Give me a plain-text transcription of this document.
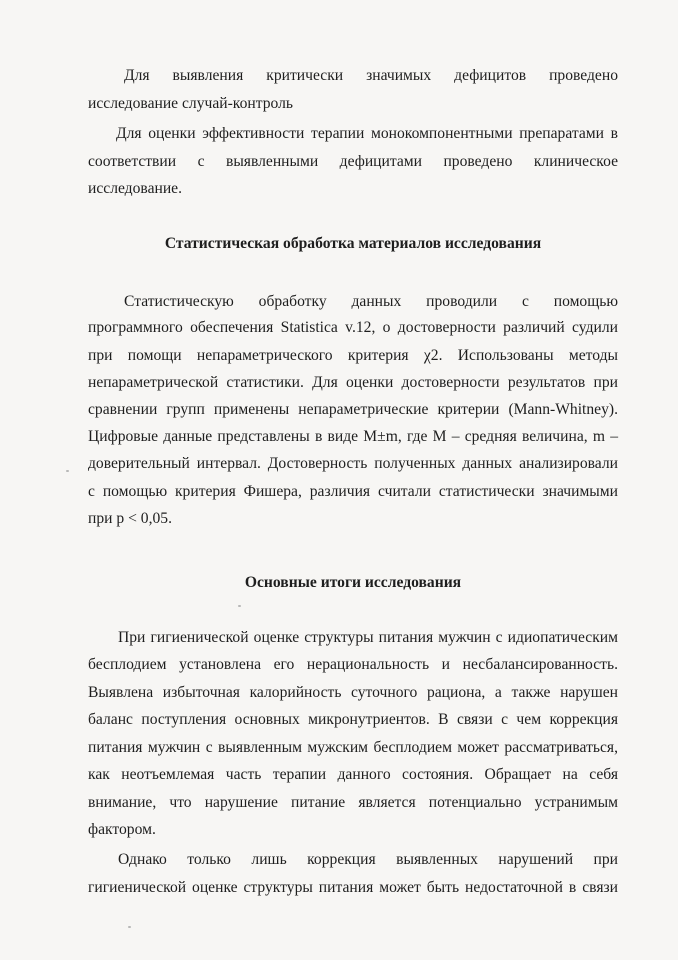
Для выявления критически значимых дефицитов проведено
исследование случай-контроль
Для оценки эффективности терапии монокомпонентными препаратами в
соответствии с выявленными дефицитами проведено клиническое
исследование.
Статистическая обработка материалов исследования
Статистическую обработку данных проводили с помощью
программного обеспечения Statistica v.12, о достоверности различий судили
при помощи непараметрического критерия χ2. Использованы методы
непараметрической статистики. Для оценки достоверности результатов при
сравнении групп применены непараметрические критерии (Mann-Whitney).
Цифровые данные представлены в виде M±m, где M – средняя величина, m –
доверительный интервал. Достоверность полученных данных анализировали
с помощью критерия Фишера, различия считали статистически значимыми
при p < 0,05.
Основные итоги исследования
При гигиенической оценке структуры питания мужчин с идиопатическим
бесплодием установлена его нерациональность и несбалансированность.
Выявлена избыточная калорийность суточного рациона, а также нарушен
баланс поступления основных микронутриентов. В связи с чем коррекция
питания мужчин с выявленным мужским бесплодием может рассматриваться,
как неотъемлемая часть терапии данного состояния. Обращает на себя
внимание, что нарушение питание является потенциально устранимым
фактором.
Однако только лишь коррекция выявленных нарушений при
гигиенической оценке структуры питания может быть недостаточной в связи
